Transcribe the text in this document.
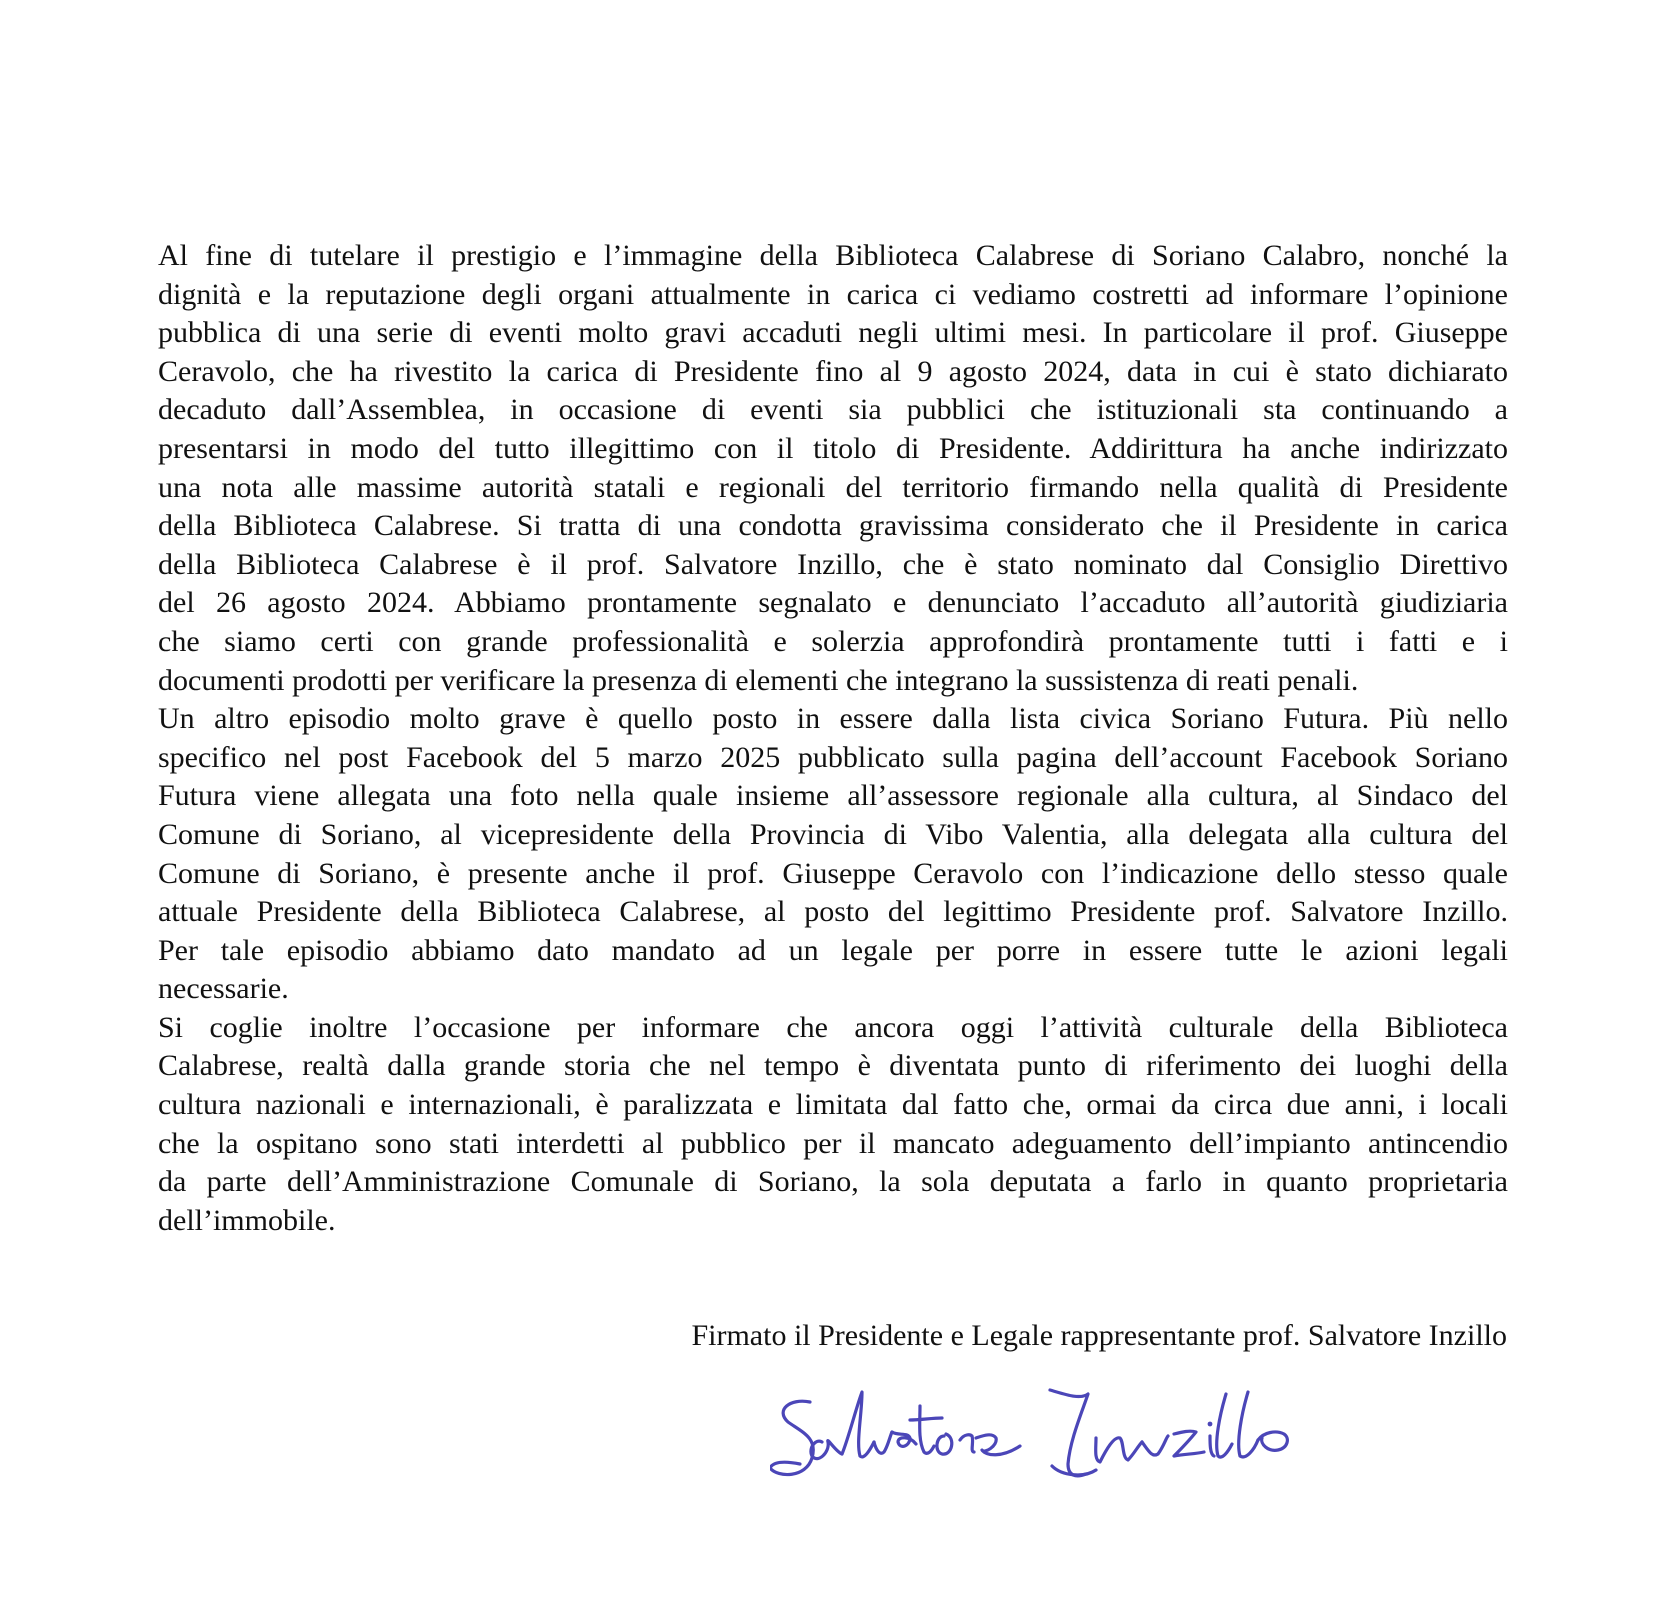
Al fine di tutelare il prestigio e l’immagine della Biblioteca Calabrese di Soriano Calabro, nonché la
dignità e la reputazione degli organi attualmente in carica ci vediamo costretti ad informare l’opinione
pubblica di una serie di eventi molto gravi accaduti negli ultimi mesi. In particolare il prof. Giuseppe
Ceravolo, che ha rivestito la carica di Presidente fino al 9 agosto 2024, data in cui è stato dichiarato
decaduto dall’Assemblea, in occasione di eventi sia pubblici che istituzionali sta continuando a
presentarsi in modo del tutto illegittimo con il titolo di Presidente. Addirittura ha anche indirizzato
una nota alle massime autorità statali e regionali del territorio firmando nella qualità di Presidente
della Biblioteca Calabrese. Si tratta di una condotta gravissima considerato che il Presidente in carica
della Biblioteca Calabrese è il prof. Salvatore Inzillo, che è stato nominato dal Consiglio Direttivo
del 26 agosto 2024. Abbiamo prontamente segnalato e denunciato l’accaduto all’autorità giudiziaria
che siamo certi con grande professionalità e solerzia approfondirà prontamente tutti i fatti e i
documenti prodotti per verificare la presenza di elementi che integrano la sussistenza di reati penali.

Un altro episodio molto grave è quello posto in essere dalla lista civica Soriano Futura. Più nello
specifico nel post Facebook del 5 marzo 2025 pubblicato sulla pagina dell’account Facebook Soriano
Futura viene allegata una foto nella quale insieme all’assessore regionale alla cultura, al Sindaco del
Comune di Soriano, al vicepresidente della Provincia di Vibo Valentia, alla delegata alla cultura del
Comune di Soriano, è presente anche il prof. Giuseppe Ceravolo con l’indicazione dello stesso quale
attuale Presidente della Biblioteca Calabrese, al posto del legittimo Presidente prof. Salvatore Inzillo.
Per tale episodio abbiamo dato mandato ad un legale per porre in essere tutte le azioni legali
necessarie.

Si coglie inoltre l’occasione per informare che ancora oggi l’attività culturale della Biblioteca
Calabrese, realtà dalla grande storia che nel tempo è diventata punto di riferimento dei luoghi della
cultura nazionali e internazionali, è paralizzata e limitata dal fatto che, ormai da circa due anni, i locali
che la ospitano sono stati interdetti al pubblico per il mancato adeguamento dell’impianto antincendio
da parte dell’Amministrazione Comunale di Soriano, la sola deputata a farlo in quanto proprietaria
dell’immobile.

Firmato il Presidente e Legale rappresentante prof. Salvatore Inzillo
